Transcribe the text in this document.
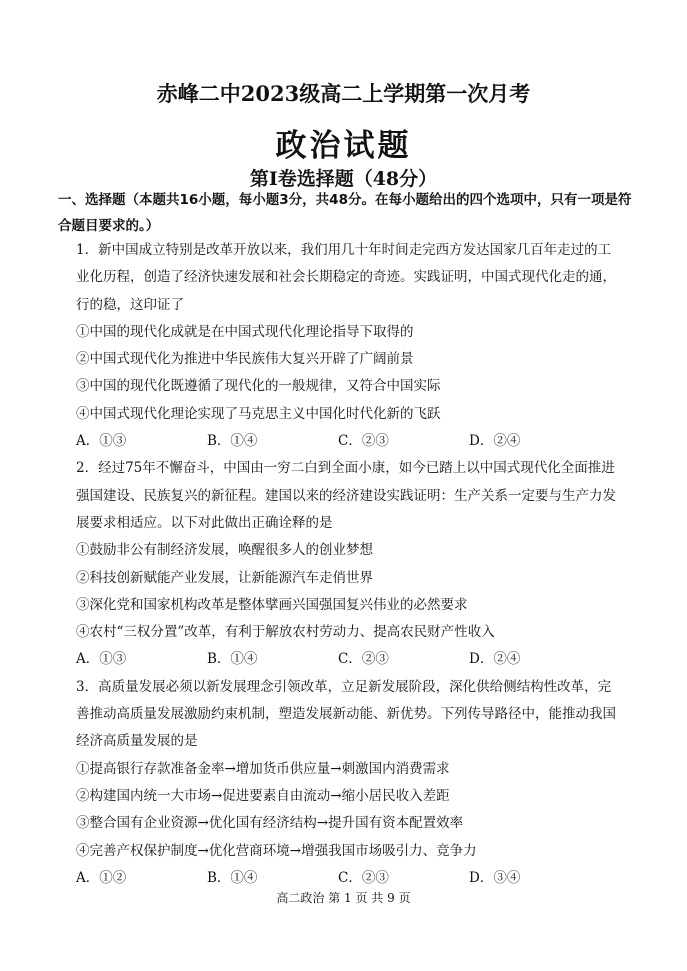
赤峰二中2023级高二上学期第一次月考
政治试题
第Ⅰ卷选择题（48分）
一、选择题（本题共16小题，每小题3分，共48分。在每小题给出的四个选项中，只有一项是符合题目要求的。）
1．新中国成立特别是改革开放以来，我们用几十年时间走完西方发达国家几百年走过的工
业化历程，创造了经济快速发展和社会长期稳定的奇迹。实践证明，中国式现代化走的通，
行的稳，这印证了
①中国的现代化成就是在中国式现代化理论指导下取得的
②中国式现代化为推进中华民族伟大复兴开辟了广阔前景
③中国的现代化既遵循了现代化的一般规律，又符合中国实际
④中国式现代化理论实现了马克思主义中国化时代化新的飞跃
A．①③	B．①④	C．②③	D．②④
2．经过75年不懈奋斗，中国由一穷二白到全面小康，如今已踏上以中国式现代化全面推进
强国建设、民族复兴的新征程。建国以来的经济建设实践证明：生产关系一定要与生产力发
展要求相适应。以下对此做出正确诠释的是
①鼓励非公有制经济发展，唤醒很多人的创业梦想
②科技创新赋能产业发展，让新能源汽车走俏世界
③深化党和国家机构改革是整体擘画兴国强国复兴伟业的必然要求
④农村“三权分置”改革，有利于解放农村劳动力、提高农民财产性收入
A．①③	B．①④	C．②③	D．②④
3．高质量发展必须以新发展理念引领改革，立足新发展阶段，深化供给侧结构性改革，完
善推动高质量发展激励约束机制，塑造发展新动能、新优势。下列传导路径中，能推动我国
经济高质量发展的是
①提高银行存款准备金率→增加货币供应量→刺激国内消费需求
②构建国内统一大市场→促进要素自由流动→缩小居民收入差距
③整合国有企业资源→优化国有经济结构→提升国有资本配置效率
④完善产权保护制度→优化营商环境→增强我国市场吸引力、竞争力
A．①②	B．①④	C．②③	D．③④
高二政治 第 1 页 共 9 页
